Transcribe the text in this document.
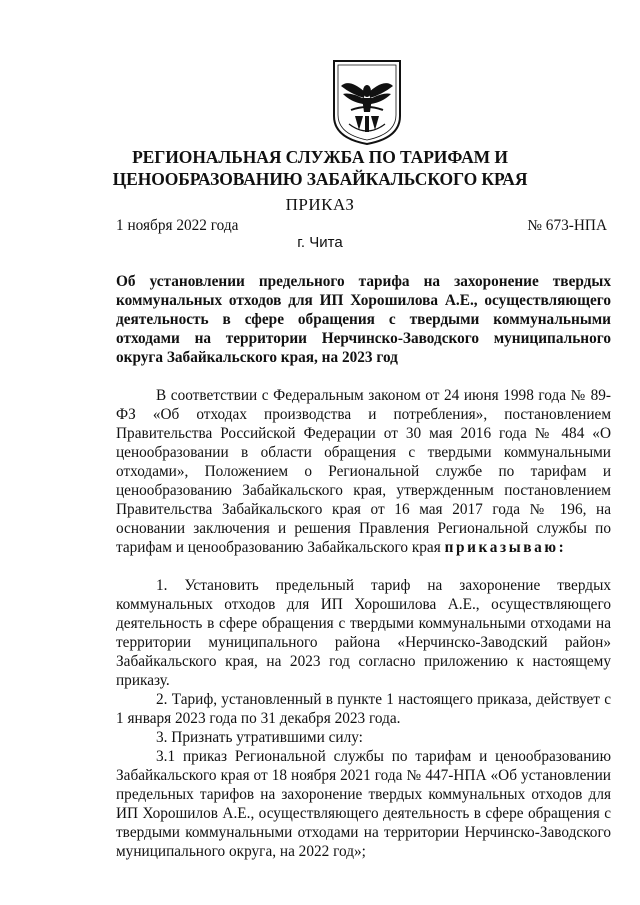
РЕГИОНАЛЬНАЯ СЛУЖБА ПО ТАРИФАМ И
ЦЕНООБРАЗОВАНИЮ ЗАБАЙКАЛЬСКОГО КРАЯ

ПРИКАЗ

1 ноября 2022 года	№ 673-НПА

г. Чита

Об установлении предельного тарифа на захоронение твердых коммунальных отходов для ИП Хорошилова А.Е., осуществляющего деятельность в сфере обращения с твердыми коммунальными отходами на территории Нерчинско-Заводского муниципального округа Забайкальского края, на 2023 год

В соответствии с Федеральным законом от 24 июня 1998 года № 89-ФЗ «Об отходах производства и потребления», постановлением Правительства Российской Федерации от 30 мая 2016 года № 484 «О ценообразовании в области обращения с твердыми коммунальными отходами», Положением о Региональной службе по тарифам и ценообразованию Забайкальского края, утвержденным постановлением Правительства Забайкальского края от 16 мая 2017 года № 196, на основании заключения и решения Правления Региональной службы по тарифам и ценообразованию Забайкальского края приказываю:

1. Установить предельный тариф на захоронение твердых коммунальных отходов для ИП Хорошилова А.Е., осуществляющего деятельность в сфере обращения с твердыми коммунальными отходами на территории муниципального района «Нерчинско-Заводский район» Забайкальского края, на 2023 год согласно приложению к настоящему приказу.

2. Тариф, установленный в пункте 1 настоящего приказа, действует с 1 января 2023 года по 31 декабря 2023 года.

3. Признать утратившими силу:

3.1 приказ Региональной службы по тарифам и ценообразованию Забайкальского края от 18 ноября 2021 года № 447-НПА «Об установлении предельных тарифов на захоронение твердых коммунальных отходов для ИП Хорошилов А.Е., осуществляющего деятельность в сфере обращения с твердыми коммунальными отходами на территории Нерчинско-Заводского муниципального округа, на 2022 год»;
